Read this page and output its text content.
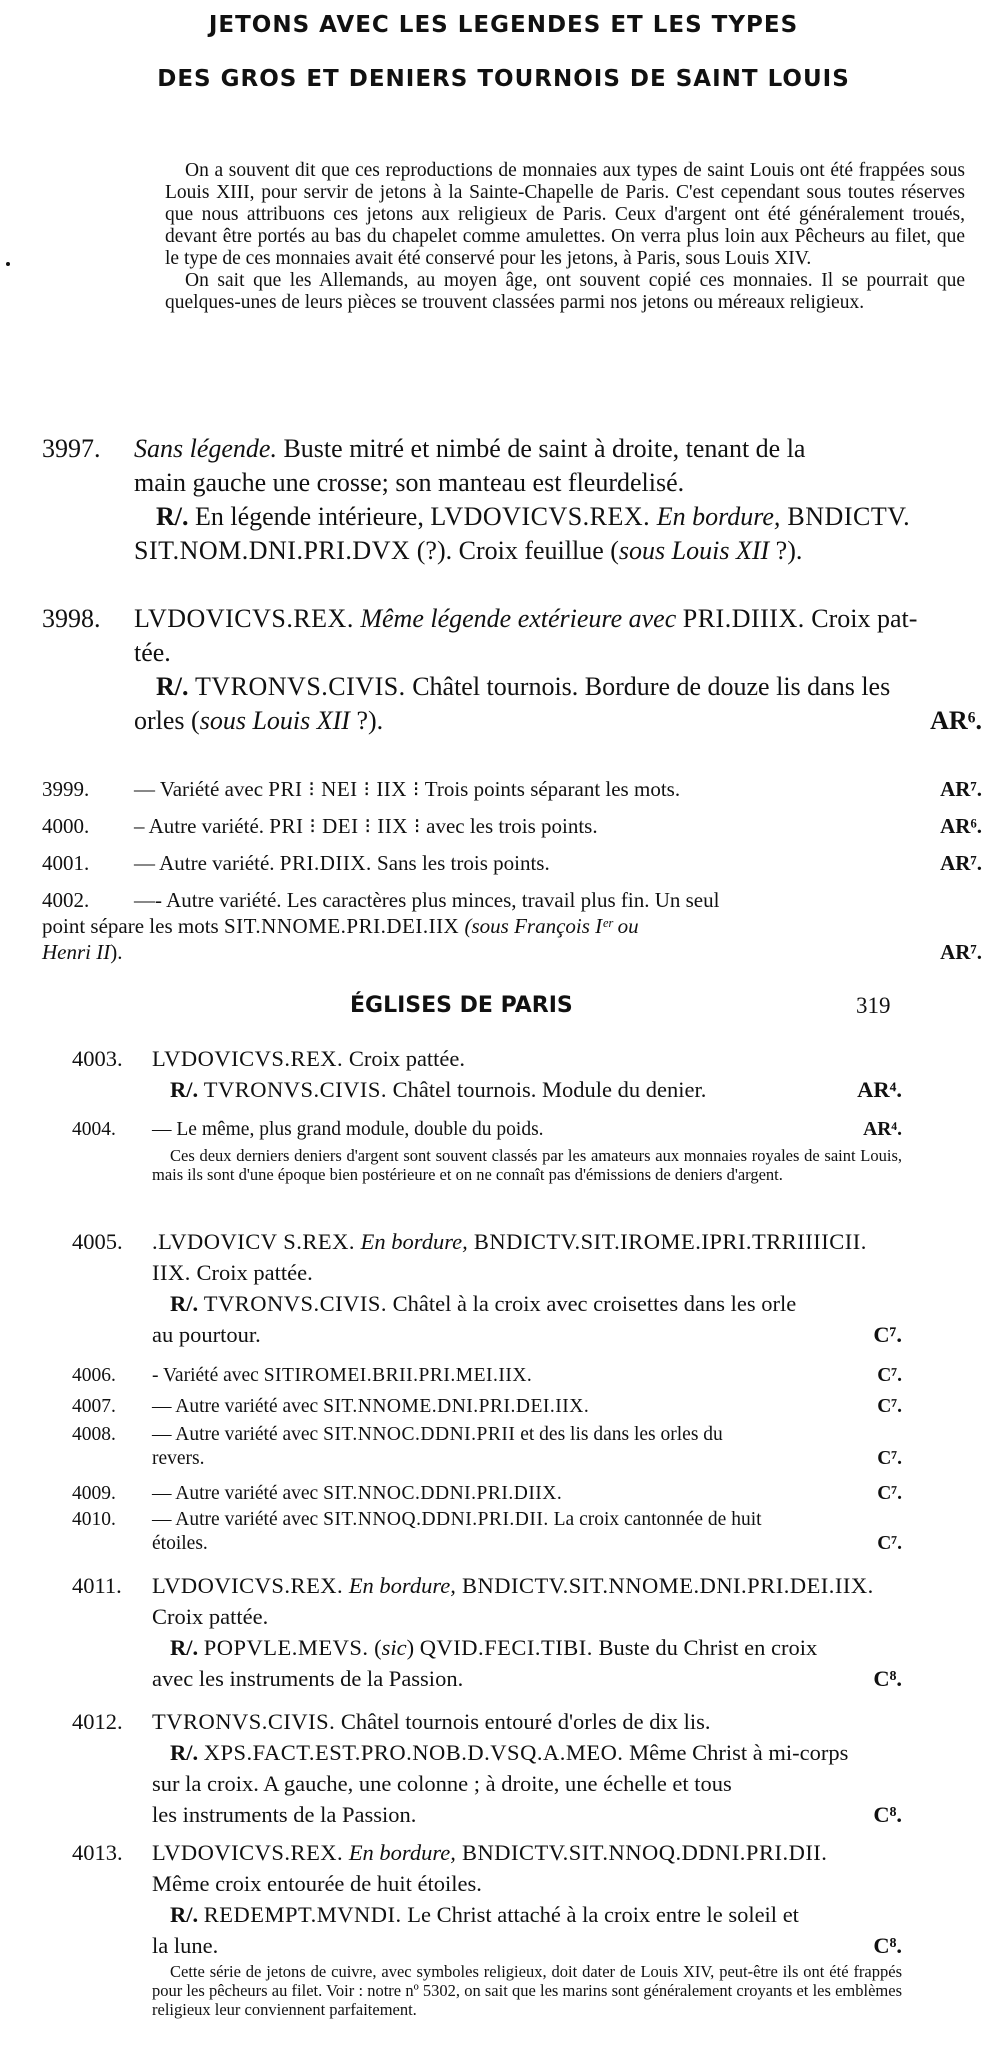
JETONS AVEC LES LEGENDES ET LES TYPES
DES GROS ET DENIERS TOURNOIS DE SAINT LOUIS

On a souvent dit que ces reproductions de monnaies aux types de saint Louis ont été frappées sous Louis XIII, pour servir de jetons à la Sainte-Chapelle de Paris. C'est cependant sous toutes réserves que nous attribuons ces jetons aux religieux de Paris. Ceux d'argent ont été généralement troués, devant être portés au bas du chapelet comme amulettes. On verra plus loin aux Pêcheurs au filet, que le type de ces monnaies avait été conservé pour les jetons, à Paris, sous Louis XIV.

On sait que les Allemands, au moyen âge, ont souvent copié ces monnaies. Il se pourrait que quelques-unes de leurs pièces se trouvent classées parmi nos jetons ou méreaux religieux.

3997.	Sans légende. Buste mitré et nimbé de saint à droite, tenant de la
main gauche une crosse; son manteau est fleurdelisé.
R/. En légende intérieure, LVDOVICVS.REX. En bordure, BNDICTV.
SIT.NOM.DNI.PRI.DVX (?). Croix feuillue (sous Louis XII ?).
3998.	LVDOVICVS.REX. Même légende extérieure avec PRI.DIIIX. Croix pat-
tée.
R/. TVRONVS.CIVIS. Châtel tournois. Bordure de douze lis dans les
orles (sous Louis XII ?).	AR⁶.
3999.	— Variété avec PRI ⁝ NEI ⁝ IIX ⁝ Trois points séparant les mots.	AR⁷.
4000.	– Autre variété. PRI ⁝ DEI ⁝ IIX ⁝ avec les trois points.	AR⁶.
4001.	— Autre variété. PRI.DIIX. Sans les trois points.	AR⁷.
4002.	—- Autre variété. Les caractères plus minces, travail plus fin. Un seul
point sépare les mots SIT.NNOME.PRI.DEI.IIX (sous François Iᵉʳ ou
Henri II).	AR⁷.
ÉGLISES DE PARIS	319
4003.	LVDOVICVS.REX. Croix pattée.
R/. TVRONVS.CIVIS. Châtel tournois. Module du denier.	AR⁴.
4004.	— Le même, plus grand module, double du poids.	AR⁴.

Ces deux derniers deniers d'argent sont souvent classés par les amateurs aux monnaies royales de saint Louis, mais ils sont d'une époque bien postérieure et on ne connaît pas d'émissions de deniers d'argent.

4005.	.LVDOVICV S.REX. En bordure, BNDICTV.SIT.IROME.IPRI.TRRIIIICII.
IIX. Croix pattée.
R/. TVRONVS.CIVIS. Châtel à la croix avec croisettes dans les orle
au pourtour.	C⁷.
4006.	- Variété avec SITIROMEI.BRII.PRI.MEI.IIX.	C⁷.
4007.	— Autre variété avec SIT.NNOME.DNI.PRI.DEI.IIX.	C⁷.
4008.	— Autre variété avec SIT.NNOC.DDNI.PRII et des lis dans les orles du
revers.	C⁷.
4009.	— Autre variété avec SIT.NNOC.DDNI.PRI.DIIX.	C⁷.
4010.	— Autre variété avec SIT.NNOQ.DDNI.PRI.DII. La croix cantonnée de huit
étoiles.	C⁷.
4011.	LVDOVICVS.REX. En bordure, BNDICTV.SIT.NNOME.DNI.PRI.DEI.IIX.
Croix pattée.
R/. POPVLE.MEVS. (sic) QVID.FECI.TIBI. Buste du Christ en croix
avec les instruments de la Passion.	C⁸.
4012.	TVRONVS.CIVIS. Châtel tournois entouré d'orles de dix lis.
R/. XPS.FACT.EST.PRO.NOB.D.VSQ.A.MEO. Même Christ à mi-corps
sur la croix. A gauche, une colonne ; à droite, une échelle et tous
les instruments de la Passion.	C⁸.
4013.	LVDOVICVS.REX. En bordure, BNDICTV.SIT.NNOQ.DDNI.PRI.DII.
Même croix entourée de huit étoiles.
R/. REDEMPT.MVNDI. Le Christ attaché à la croix entre le soleil et
la lune.	C⁸.

Cette série de jetons de cuivre, avec symboles religieux, doit dater de Louis XIV, peut-être ils ont été frappés pour les pêcheurs au filet. Voir : notre nº 5302, on sait que les marins sont généralement croyants et les emblèmes religieux leur conviennent parfaitement.
